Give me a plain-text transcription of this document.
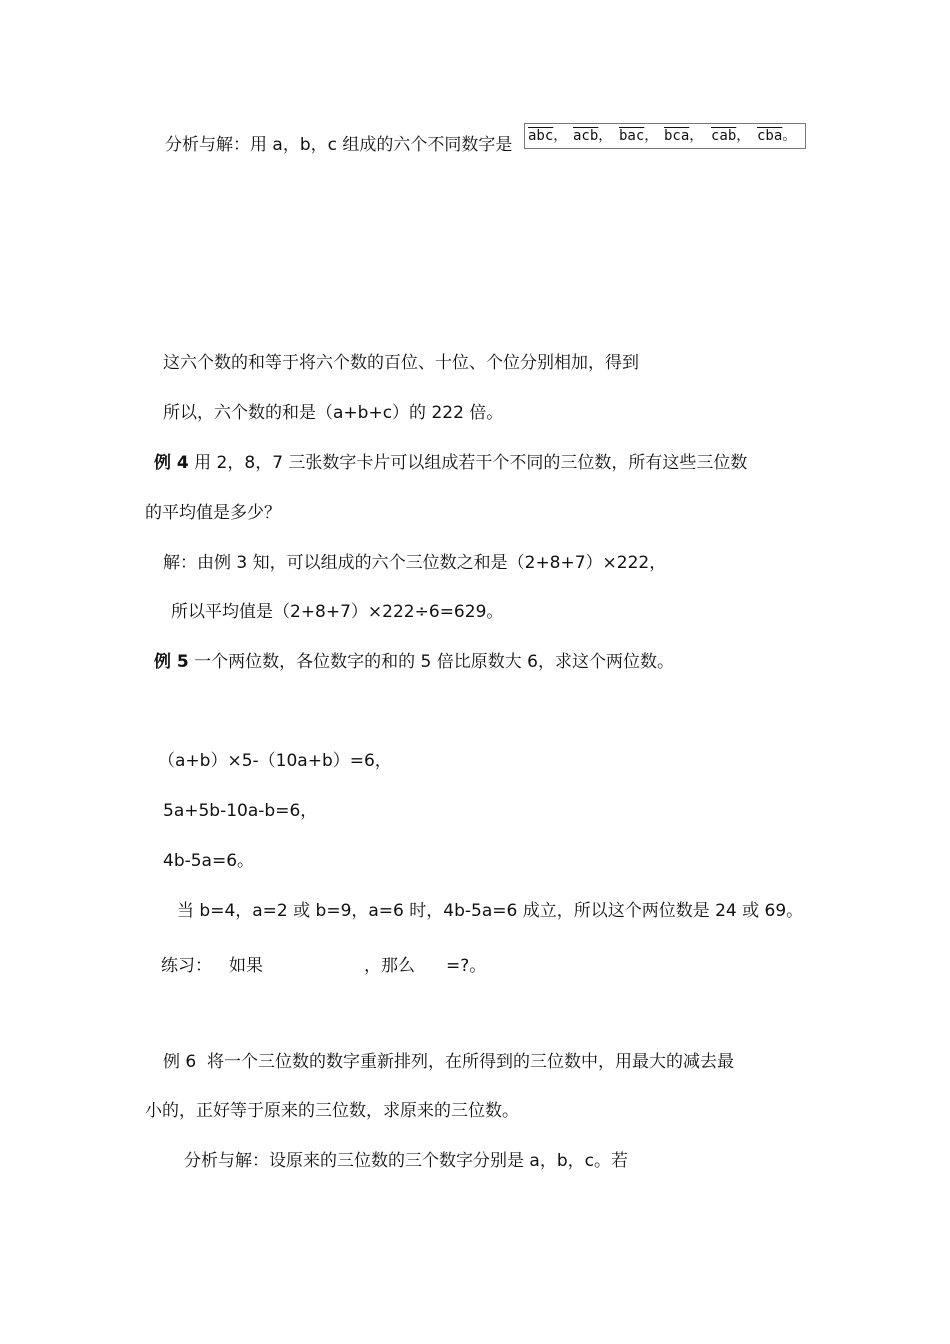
分析与解：用 a，b，c 组成的六个不同数字是 $\overline{abc}$， $\overline{acb}$， $\overline{bac}$， $\overline{bca}$， $\overline{cab}$， $\overline{cba}$。
这六个数的和等于将六个数的百位、十位、个位分别相加，得到
所以，六个数的和是（a+b+c）的 222 倍。
例 4 用 2，8，7 三张数字卡片可以组成若干个不同的三位数，所有这些三位数
的平均值是多少？
解：由例 3 知，可以组成的六个三位数之和是（2+8+7）×222，
所以平均值是（2+8+7）×222÷6=629。
例 5 一个两位数，各位数字的和的 5 倍比原数大 6，求这个两位数。
（a+b）×5-（10a+b）=6，
5a+5b-10a-b=6，
4b-5a=6。
当 b=4，a=2 或 b=9，a=6 时，4b-5a=6 成立，所以这个两位数是 24 或 69。
练习： 如果	，那么 =?。
例 6  将一个三位数的数字重新排列，在所得到的三位数中，用最大的减去最
小的，正好等于原来的三位数，求原来的三位数。
分析与解：设原来的三位数的三个数字分别是 a，b，c。若
